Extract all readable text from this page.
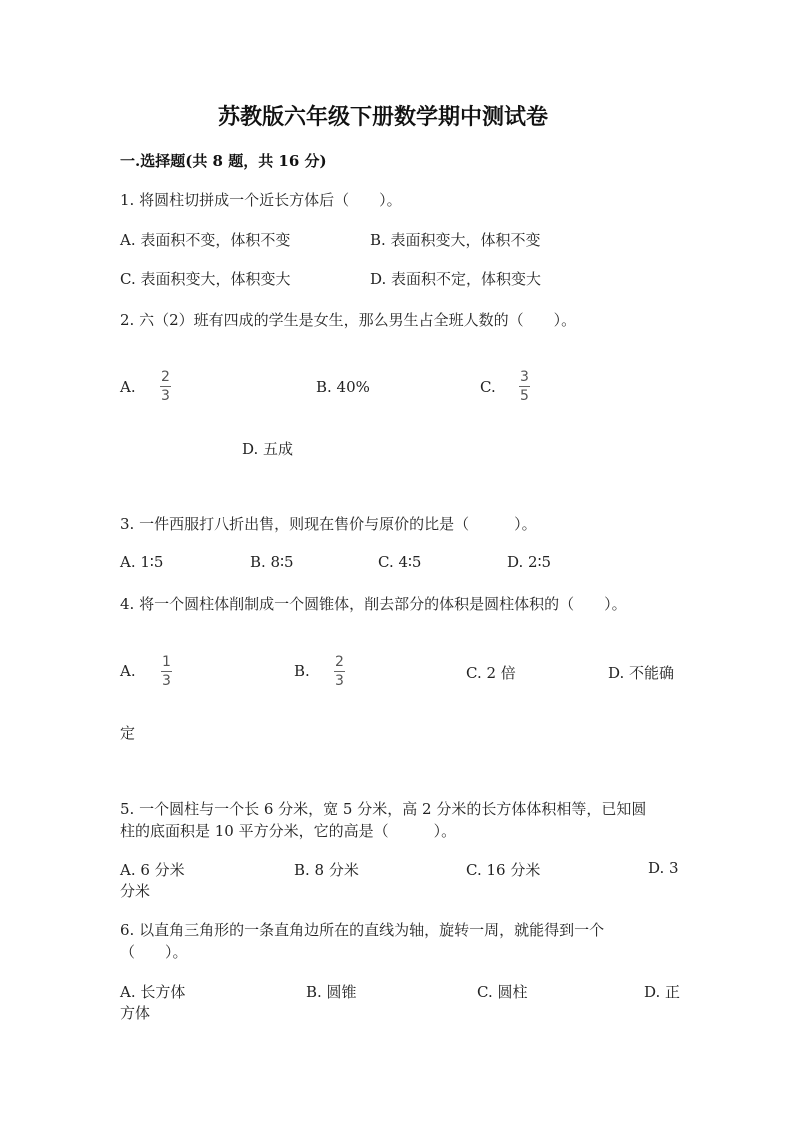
苏教版六年级下册数学期中测试卷
一.选择题(共 8 题，共 16 分)
1. 将圆柱切拼成一个近长方体后（　　）。
A. 表面积不变，体积不变	B. 表面积变大，体积不变
C. 表面积变大，体积变大	D. 表面积不定，体积变大
2. 六（2）班有四成的学生是女生，那么男生占全班人数的（　　）。
A.
2
3	B. 40%	C.
3
5
D. 五成
3. 一件西服打八折出售，则现在售价与原价的比是（　　　）。
A. 1∶5	B. 8∶5	C. 4∶5	D. 2∶5
4. 将一个圆柱体削制成一个圆锥体，削去部分的体积是圆柱体积的（　　）。
A. 1
3
B. 2
3	C. 2 倍	D. 不能确
定
5. 一个圆柱与一个长 6 分米，宽 5 分米，高 2 分米的长方体体积相等，已知圆
柱的底面积是 10 平方分米，它的高是（　　　）。
A. 6 分米	B. 8 分米	C. 16 分米	D. 3
分米
6. 以直角三角形的一条直角边所在的直线为轴，旋转一周，就能得到一个
（　　）。
A. 长方体	B. 圆锥	C. 圆柱	D. 正
方体
